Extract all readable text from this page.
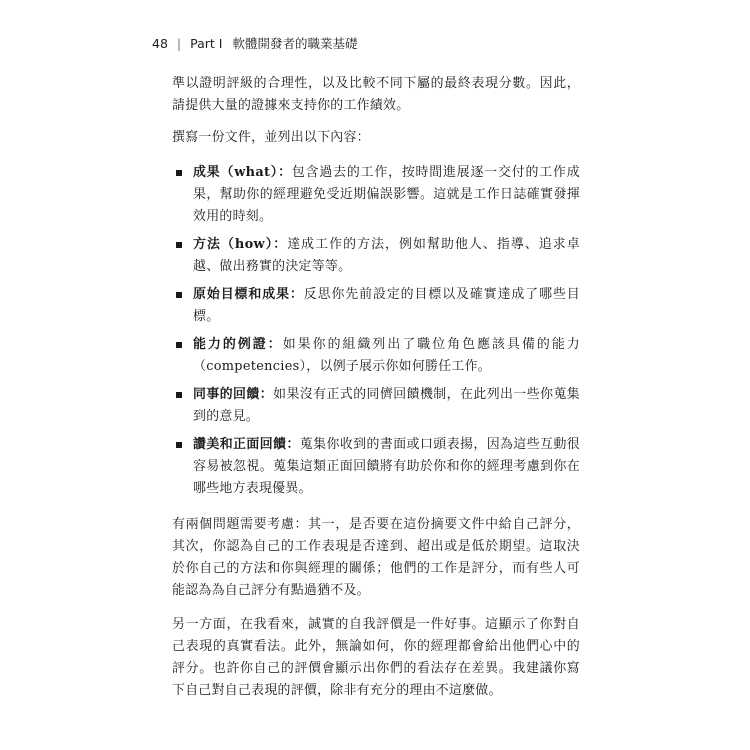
48 | Part I 軟體開發者的職業基礎

準以證明評級的合理性，以及比較不同下屬的最終表現分數。因此，請提供大量的證據來支持你的工作績效。

撰寫一份文件，並列出以下內容：

成果（what）：包含過去的工作，按時間進展逐一交付的工作成果，幫助你的經理避免受近期偏誤影響。這就是工作日誌確實發揮效用的時刻。
方法（how）：達成工作的方法，例如幫助他人、指導、追求卓越、做出務實的決定等等。
原始目標和成果：反思你先前設定的目標以及確實達成了哪些目標。
能力的例證：如果你的組織列出了職位角色應該具備的能力（competencies），以例子展示你如何勝任工作。
同事的回饋：如果沒有正式的同儕回饋機制，在此列出一些你蒐集到的意見。
讚美和正面回饋：蒐集你收到的書面或口頭表揚，因為這些互動很容易被忽視。蒐集這類正面回饋將有助於你和你的經理考慮到你在哪些地方表現優異。

有兩個問題需要考慮：其一，是否要在這份摘要文件中給自己評分，其次，你認為自己的工作表現是否達到、超出或是低於期望。這取決於你自己的方法和你與經理的關係；他們的工作是評分，而有些人可能認為為自己評分有點過猶不及。

另一方面，在我看來，誠實的自我評價是一件好事。這顯示了你對自己表現的真實看法。此外，無論如何，你的經理都會給出他們心中的評分。也許你自己的評價會顯示出你們的看法存在差異。我建議你寫下自己對自己表現的評價，除非有充分的理由不這麼做。
